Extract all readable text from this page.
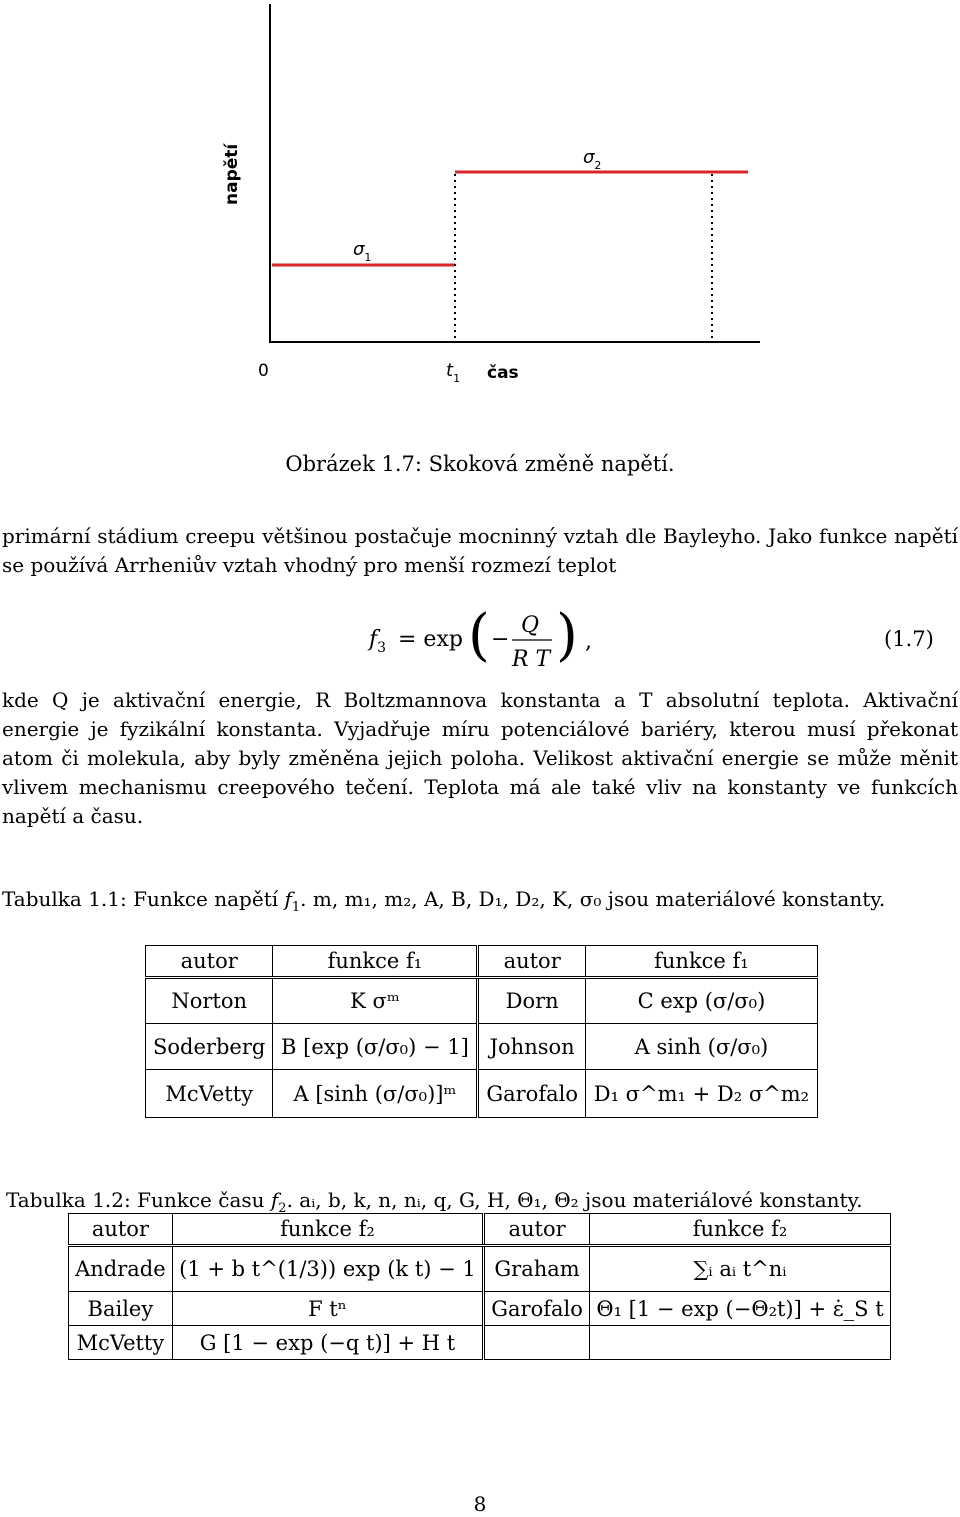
napětí
0	$t_1$ čas
$\sigma_1$
$\sigma_2$
Obrázek 1.7: Skoková změně napětí.
primární stádium creepu většinou postačuje mocninný vztah dle Bayleyho. Jako funkce napětí se používá Arrheniův vztah vhodný pro menší rozmezí teplot
$f_3 = \exp$ ( −
Q
R T ) ,	(1.7)
kde Q je aktivační energie, R Boltzmannova konstanta a T absolutní teplota. Aktivační energie je fyzikální konstanta. Vyjadřuje míru potenciálové bariéry, kterou musí překonat atom či molekula, aby byly změněna jejich poloha. Velikost aktivační energie se může měnit vlivem mechanismu creepového tečení. Teplota má ale také vliv na konstanty ve funkcích napětí a času.
Tabulka 1.1: Funkce napětí $f_1$. m, m₁, m₂, A, B, D₁, D₂, K, σ₀ jsou materiálové konstanty.
autor	funkce f₁	autor	funkce f₁
Norton	K σᵐ	Dorn	C exp (σ/σ₀)
Soderberg	B [exp (σ/σ₀) − 1]	Johnson	A sinh (σ/σ₀)
McVetty	A [sinh (σ/σ₀)]ᵐ	Garofalo	D₁ σ^m₁ + D₂ σ^m₂
Tabulka 1.2: Funkce času $f_2$. aᵢ, b, k, n, nᵢ, q, G, H, Θ₁, Θ₂ jsou materiálové konstanty.
autor	funkce f₂	autor	funkce f₂
Andrade	(1 + b t^(1/3)) exp (k t) − 1	Graham	∑ᵢ aᵢ t^nᵢ
Bailey	F tⁿ	Garofalo	Θ₁ [1 − exp (−Θ₂t)] + ε̇_S t
McVetty	G [1 − exp (−q t)] + H t		
8
